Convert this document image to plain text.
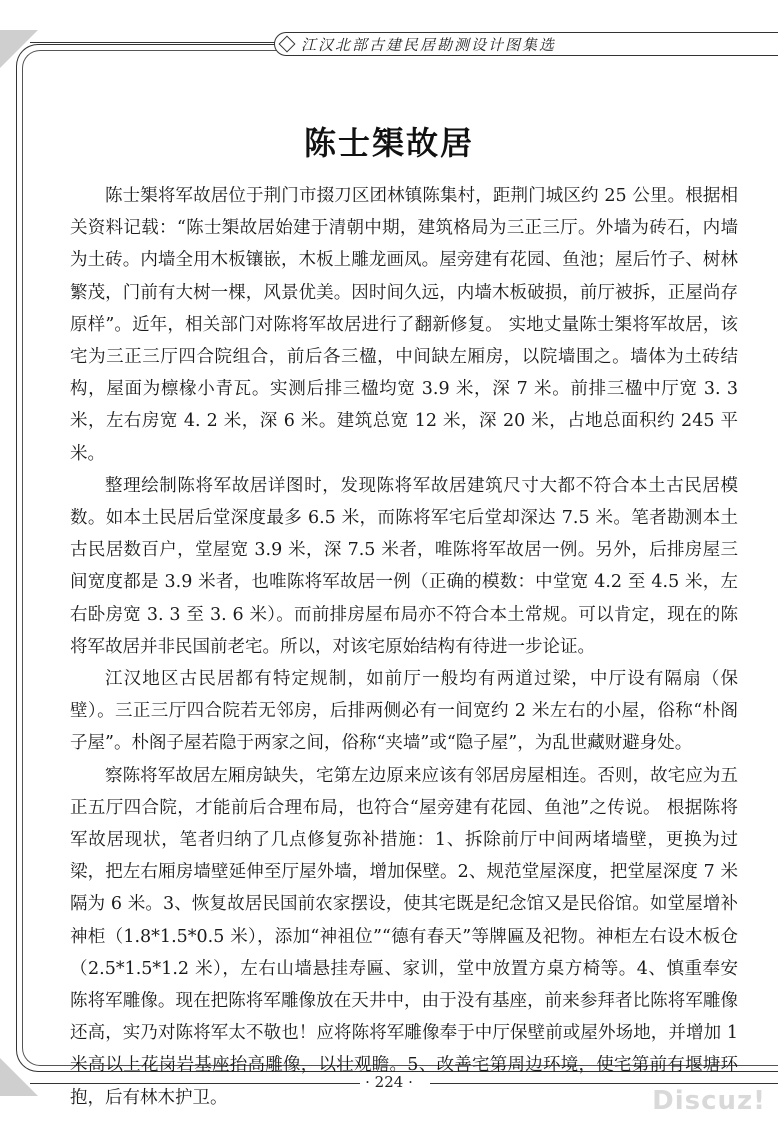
江汉北部古建民居勘测设计图集选
陈士榘故居

陈士榘将军故居位于荆门市掇刀区团林镇陈集村，距荆门城区约 25 公里。根据相关资料记载：“陈士榘故居始建于清朝中期，建筑格局为三正三厅。外墙为砖石，内墙为土砖。内墙全用木板镶嵌，木板上雕龙画凤。屋旁建有花园、鱼池；屋后竹子、树林繁茂，门前有大树一棵，风景优美。因时间久远，内墙木板破损，前厅被拆，正屋尚存原样”。近年，相关部门对陈将军故居进行了翻新修复。 实地丈量陈士榘将军故居，该宅为三正三厅四合院组合，前后各三楹，中间缺左厢房，以院墙围之。墙体为土砖结构，屋面为檩椽小青瓦。实测后排三楹均宽 3.9 米，深 7 米。前排三楹中厅宽 3. 3 米，左右房宽 4. 2 米，深 6 米。建筑总宽 12 米，深 20 米，占地总面积约 245 平米。

整理绘制陈将军故居详图时，发现陈将军故居建筑尺寸大都不符合本土古民居模数。如本土民居后堂深度最多 6.5 米，而陈将军宅后堂却深达 7.5 米。笔者勘测本土古民居数百户，堂屋宽 3.9 米，深 7.5 米者，唯陈将军故居一例。另外，后排房屋三间宽度都是 3.9 米者，也唯陈将军故居一例（正确的模数：中堂宽 4.2 至 4.5 米，左右卧房宽 3. 3 至 3. 6 米）。而前排房屋布局亦不符合本土常规。可以肯定，现在的陈将军故居并非民国前老宅。所以，对该宅原始结构有待进一步论证。

江汉地区古民居都有特定规制，如前厅一般均有两道过梁，中厅设有隔扇（保壁）。三正三厅四合院若无邻房，后排两侧必有一间宽约 2 米左右的小屋，俗称“朴阁子屋”。朴阁子屋若隐于两家之间，俗称“夹墙”或“隐子屋”，为乱世藏财避身处。

察陈将军故居左厢房缺失，宅第左边原来应该有邻居房屋相连。否则，故宅应为五正五厅四合院，才能前后合理布局，也符合“屋旁建有花园、鱼池”之传说。 根据陈将军故居现状，笔者归纳了几点修复弥补措施：1、拆除前厅中间两堵墙壁，更换为过梁，把左右厢房墙壁延伸至厅屋外墙，增加保壁。2、规范堂屋深度，把堂屋深度 7 米隔为 6 米。3、恢复故居民国前农家摆设，使其宅既是纪念馆又是民俗馆。如堂屋增补神柜（1.8*1.5*0.5 米），添加“神祖位”“德有春天”等牌匾及祀物。神柜左右设木板仓（2.5*1.5*1.2 米），左右山墙悬挂寿匾、家训，堂中放置方桌方椅等。4、慎重奉安陈将军雕像。现在把陈将军雕像放在天井中，由于没有基座，前来参拜者比陈将军雕像还高，实乃对陈将军太不敬也！应将陈将军雕像奉于中厅保壁前或屋外场地，并增加 1 米高以上花岗岩基座抬高雕像，以壮观瞻。5、改善宅第周边环境，使宅第前有堰塘环抱，后有林木护卫。

· 224 ·
Discuz!
